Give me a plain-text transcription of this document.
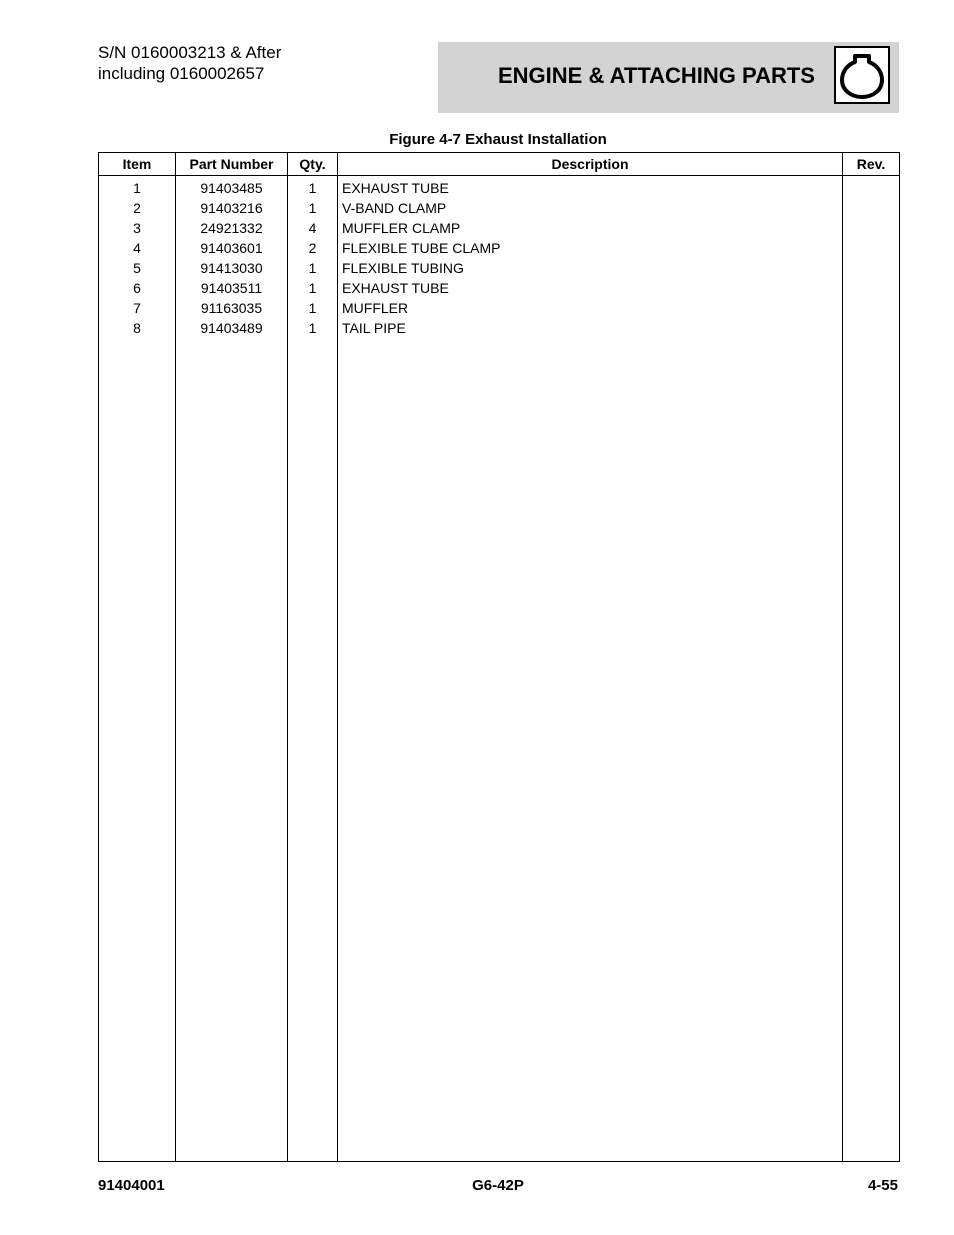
S/N 0160003213 & After
including 0160002657	ENGINE & ATTACHING PARTS
Figure 4-7 Exhaust Installation
Item	Part Number	Qty.	Description	Rev.
1	91403485	1	EXHAUST TUBE	
2	91403216	1	V-BAND CLAMP	
3	24921332	4	MUFFLER CLAMP	
4	91403601	2	FLEXIBLE TUBE CLAMP	
5	91413030	1	FLEXIBLE TUBING	
6	91403511	1	EXHAUST TUBE	
7	91163035	1	MUFFLER	
8	91403489	1	TAIL PIPE	

91404001	G6-42P	4-55
